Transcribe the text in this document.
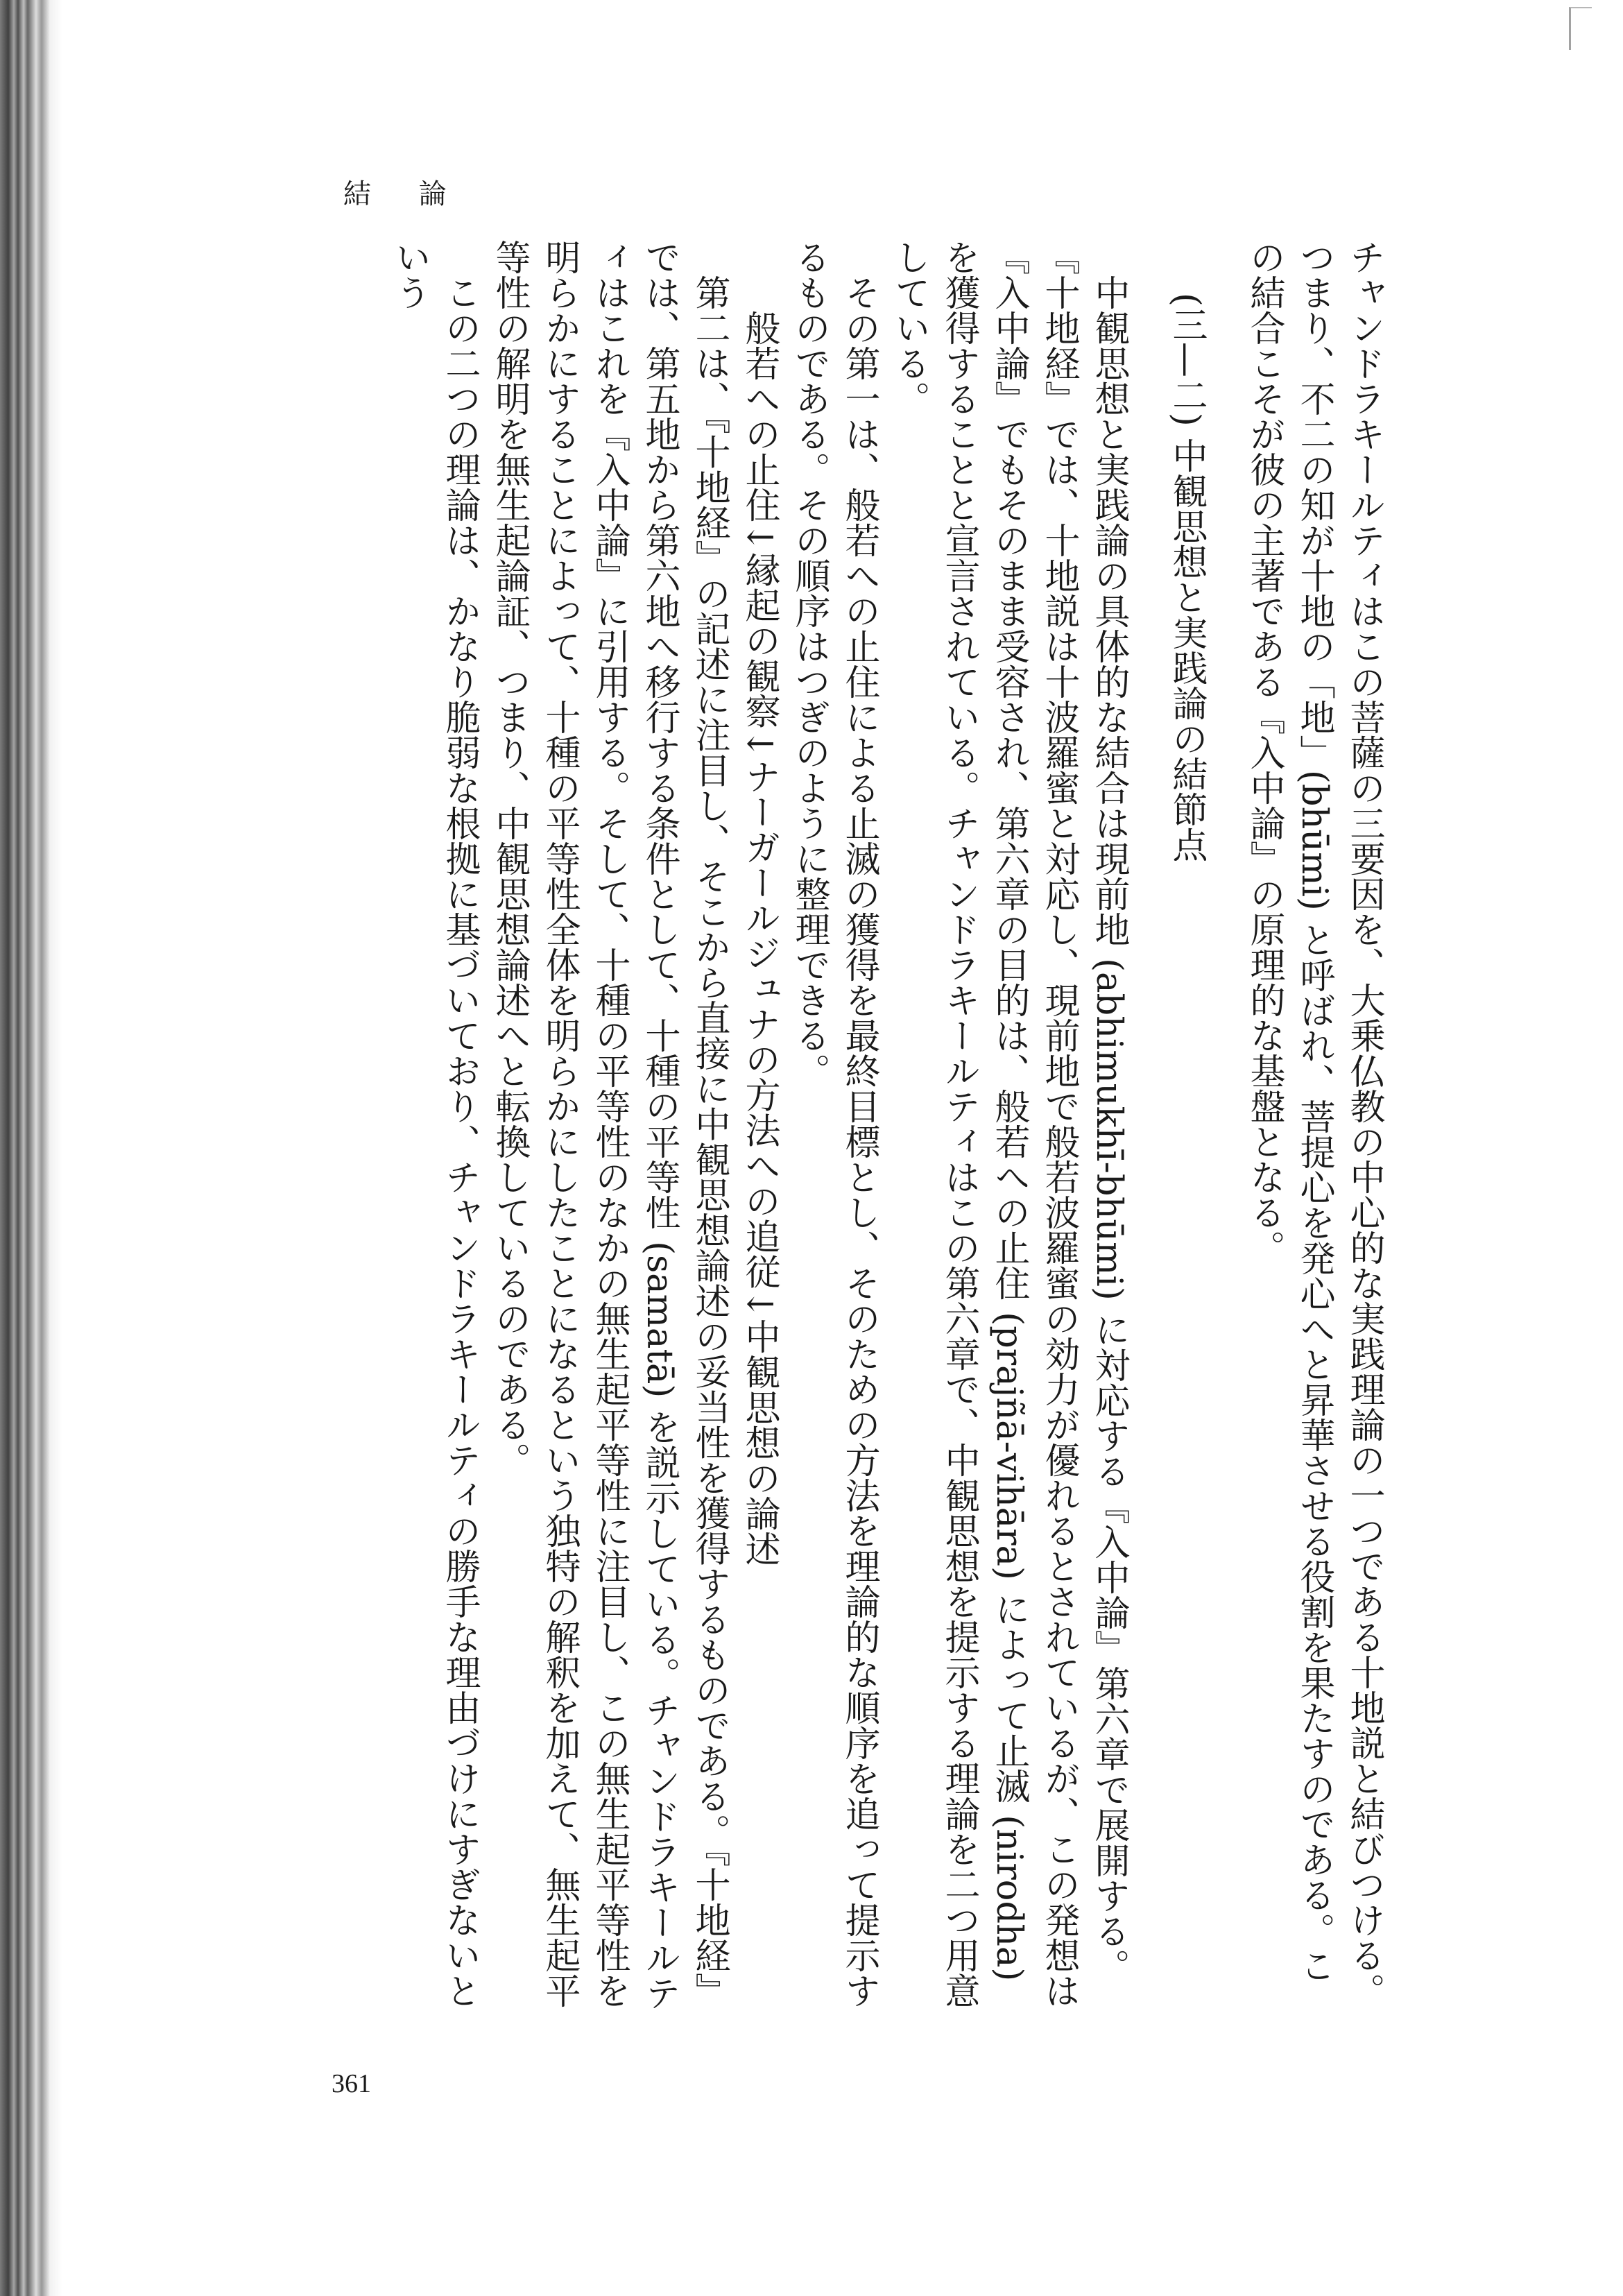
結 論

チャンドラキールティはこの菩薩の三要因を、大乗仏教の中心的な実践理論の一つである十地説と結びつける。つまり、不二の知が十地の「地」(bhūmi) と呼ばれ、菩提心を発心へと昇華させる役割を果たすのである。この結合こそが彼の主著である『入中論』の原理的な基盤となる。

(三—二) 中観思想と実践論の結節点

中観思想と実践論の具体的な結合は現前地 (abhimukhī-bhūmi) に対応する『入中論』第六章で展開する。『十地経』では、十地説は十波羅蜜と対応し、現前地で般若波羅蜜の効力が優れるとされているが、この発想は『入中論』でもそのまま受容され、第六章の目的は、般若への止住 (prajñā-vihāra) によって止滅 (nirodha) を獲得することと宣言されている。チャンドラキールティはこの第六章で、中観思想を提示する理論を二つ用意している。

その第一は、般若への止住による止滅の獲得を最終目標とし、そのための方法を理論的な順序を追って提示するものである。その順序はつぎのように整理できる。

般若への止住↓縁起の観察↓ナーガールジュナの方法への追従↓中観思想の論述

第二は、『十地経』の記述に注目し、そこから直接に中観思想論述の妥当性を獲得するものである。『十地経』では、第五地から第六地へ移行する条件として、十種の平等性 (samatā) を説示している。チャンドラキールティはこれを『入中論』に引用する。そして、十種の平等性のなかの無生起平等性に注目し、この無生起平等性を明らかにすることによって、十種の平等性全体を明らかにしたことになるという独特の解釈を加えて、無生起平等性の解明を無生起論証、つまり、中観思想論述へと転換しているのである。

この二つの理論は、かなり脆弱な根拠に基づいており、チャンドラキールティの勝手な理由づけにすぎないという

361
